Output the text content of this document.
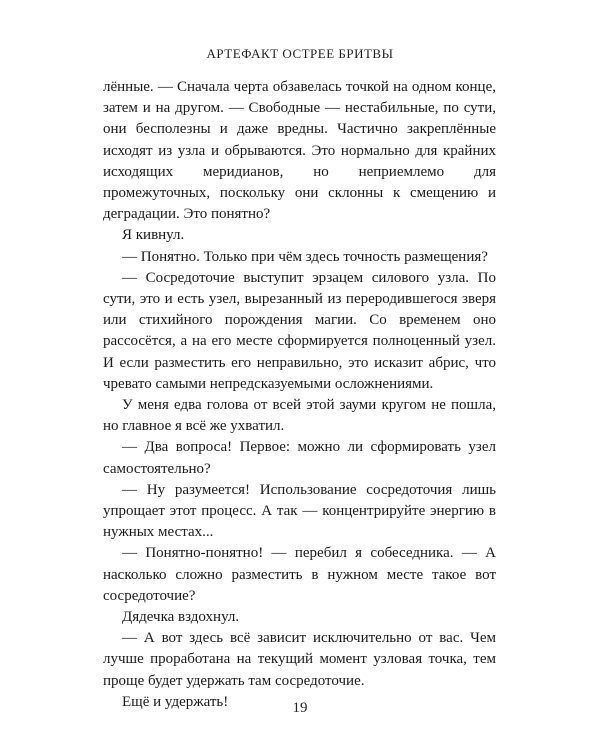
АРТЕФАКТ ОСТРЕЕ БРИТВЫ

лённые. — Сначала черта обзавелась точкой на одном конце, затем и на другом. — Свободные — нестабильные, по сути, они бесполезны и даже вредны. Частично закреплённые исходят из узла и обрываются. Это нормально для крайних исходящих меридианов, но неприемлемо для промежуточных, поскольку они склонны к смещению и деградации. Это понятно?

Я кивнул.

— Понятно. Только при чём здесь точность размещения?

— Сосредоточие выступит эрзацем силового узла. По сути, это и есть узел, вырезанный из переродившегося зверя или стихийного порождения магии. Со временем оно рассосётся, а на его месте сформируется полноценный узел. И если разместить его неправильно, это исказит абрис, что чревато самыми непредсказуемыми осложнениями.

У меня едва голова от всей этой зауми кругом не пошла, но главное я всё же ухватил.

— Два вопроса! Первое: можно ли сформировать узел самостоятельно?

— Ну разумеется! Использование сосредоточия лишь упрощает этот процесс. А так — концентрируйте энергию в нужных местах...

— Понятно-понятно! — перебил я собеседника. — А насколько сложно разместить в нужном месте такое вот сосредоточие?

Дядечка вздохнул.

— А вот здесь всё зависит исключительно от вас. Чем лучше проработана на текущий момент узловая точка, тем проще будет удержать там сосредоточие.

Ещё и удержать!	19
